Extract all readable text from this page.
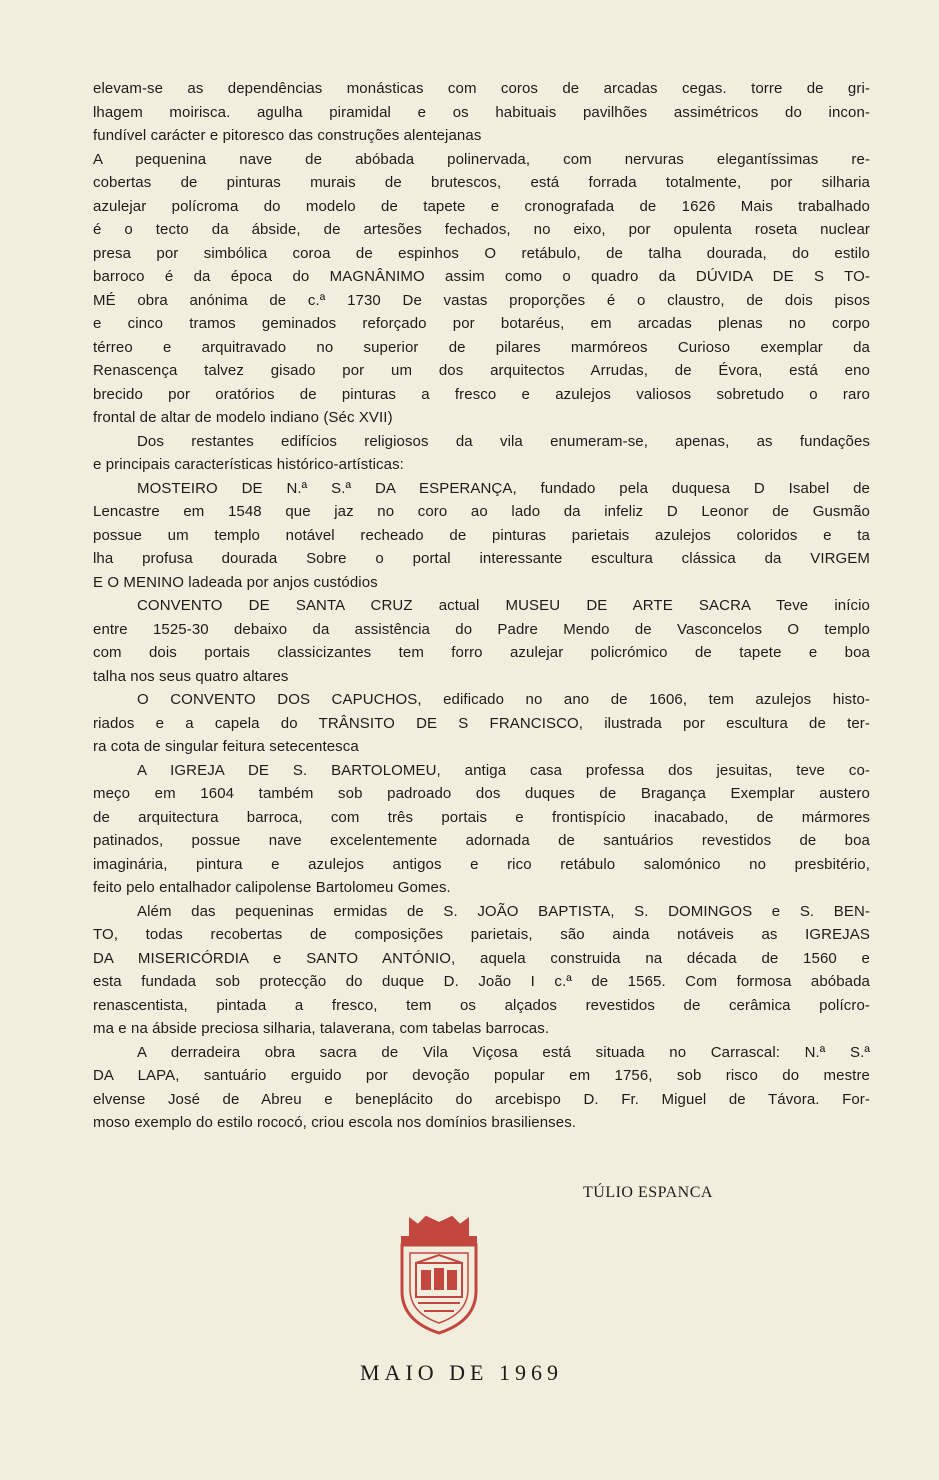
elevam-se as dependências monásticas com coros de arcadas cegas. torre de gri-
lhagem moirisca. agulha piramidal e os habituais pavilhões assimétricos do incon-
fundível carácter e pitoresco das construções alentejanas
A pequenina nave de abóbada polinervada, com nervuras elegantíssimas re-
cobertas de pinturas murais de brutescos, está forrada totalmente, por silharia
azulejar polícroma do modelo de tapete e cronografada de 1626 Mais trabalhado
é o tecto da ábside, de artesões fechados, no eixo, por opulenta roseta nuclear
presa por simbólica coroa de espinhos O retábulo, de talha dourada, do estilo
barroco é da época do MAGNÂNIMO assim como o quadro da DÚVIDA DE S TO-
MÉ obra anónima de c.ª 1730 De vastas proporções é o claustro, de dois pisos
e cinco tramos geminados reforçado por botaréus, em arcadas plenas no corpo
térreo e arquitravado no superior de pilares marmóreos Curioso exemplar da
Renascença talvez gisado por um dos arquitectos Arrudas, de Évora, está eno
brecido por oratórios de pinturas a fresco e azulejos valiosos sobretudo o raro
frontal de altar de modelo indiano (Séc XVII)
Dos restantes edifícios religiosos da vila enumeram-se, apenas, as fundações
e principais características histórico-artísticas:
MOSTEIRO DE N.ª S.ª DA ESPERANÇA, fundado pela duquesa D Isabel de
Lencastre em 1548 que jaz no coro ao lado da infeliz D Leonor de Gusmão
possue um templo notável recheado de pinturas parietais azulejos coloridos e ta
lha profusa dourada Sobre o portal interessante escultura clássica da VIRGEM
E O MENINO ladeada por anjos custódios
CONVENTO DE SANTA CRUZ actual MUSEU DE ARTE SACRA Teve início
entre 1525-30 debaixo da assistência do Padre Mendo de Vasconcelos O templo
com dois portais classicizantes tem forro azulejar policrómico de tapete e boa
talha nos seus quatro altares
O CONVENTO DOS CAPUCHOS, edificado no ano de 1606, tem azulejos histo-
riados e a capela do TRÂNSITO DE S FRANCISCO, ilustrada por escultura de ter-
ra cota de singular feitura setecentesca
A IGREJA DE S. BARTOLOMEU, antiga casa professa dos jesuitas, teve co-
meço em 1604 também sob padroado dos duques de Bragança Exemplar austero
de arquitectura barroca, com três portais e frontispício inacabado, de mármores
patinados, possue nave excelentemente adornada de santuários revestidos de boa
imaginária, pintura e azulejos antigos e rico retábulo salomónico no presbitério,
feito pelo entalhador calipolense Bartolomeu Gomes.
Além das pequeninas ermidas de S. JOÃO BAPTISTA, S. DOMINGOS e S. BEN-
TO, todas recobertas de composições parietais, são ainda notáveis as IGREJAS
DA MISERICÓRDIA e SANTO ANTÓNIO, aquela construida na década de 1560 e
esta fundada sob protecção do duque D. João I c.ª de 1565. Com formosa abóbada
renascentista, pintada a fresco, tem os alçados revestidos de cerâmica polícro-
ma e na ábside preciosa silharia, talaverana, com tabelas barrocas.
A derradeira obra sacra de Vila Viçosa está situada no Carrascal: N.ª S.ª
DA LAPA, santuário erguido por devoção popular em 1756, sob risco do mestre
elvense José de Abreu e beneplácito do arcebispo D. Fr. Miguel de Távora. For-
moso exemplo do estilo rococó, criou escola nos domínios brasilienses.
TÚLIO ESPANCA
MAIO DE 1969
